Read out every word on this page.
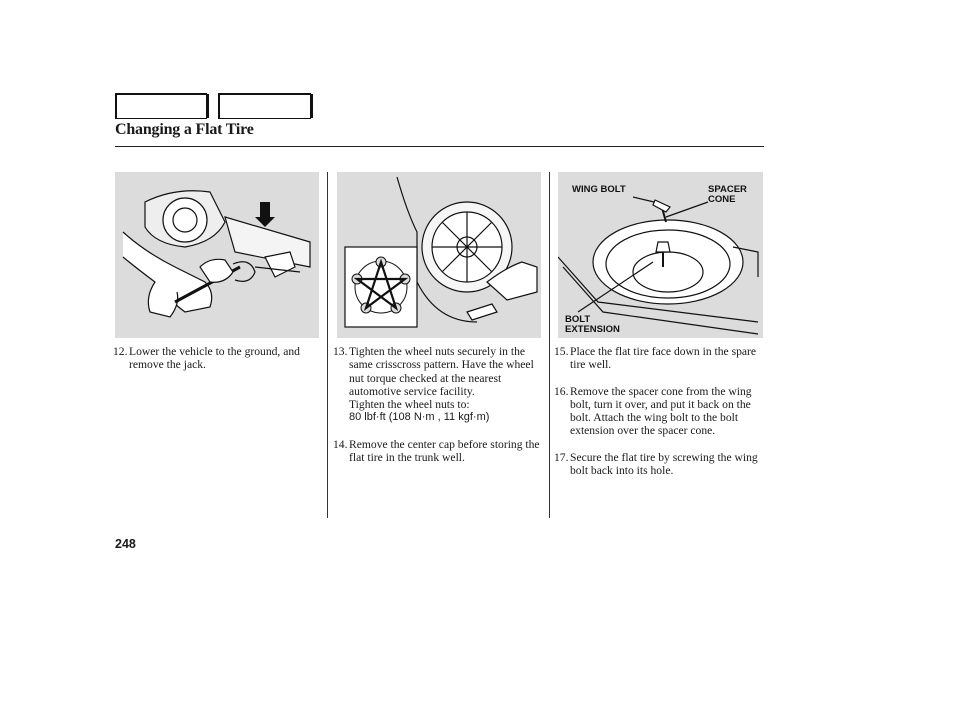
Changing a Flat Tire
WING BOLT	SPACER
CONE
BOLT
EXTENSION
12. Lower the vehicle to the ground, and remove the jack.
13. Tighten the wheel nuts securely in the same crisscross pattern. Have the wheel nut torque checked at the nearest automotive service facility.
Tighten the wheel nuts to:
80 lbf·ft (108 N·m , 11 kgf·m)
14. Remove the center cap before storing the flat tire in the trunk well.
15. Place the flat tire face down in the spare tire well.
16. Remove the spacer cone from the wing bolt, turn it over, and put it back on the bolt. Attach the wing bolt to the bolt extension over the spacer cone.
17. Secure the flat tire by screwing the wing bolt back into its hole.
248
